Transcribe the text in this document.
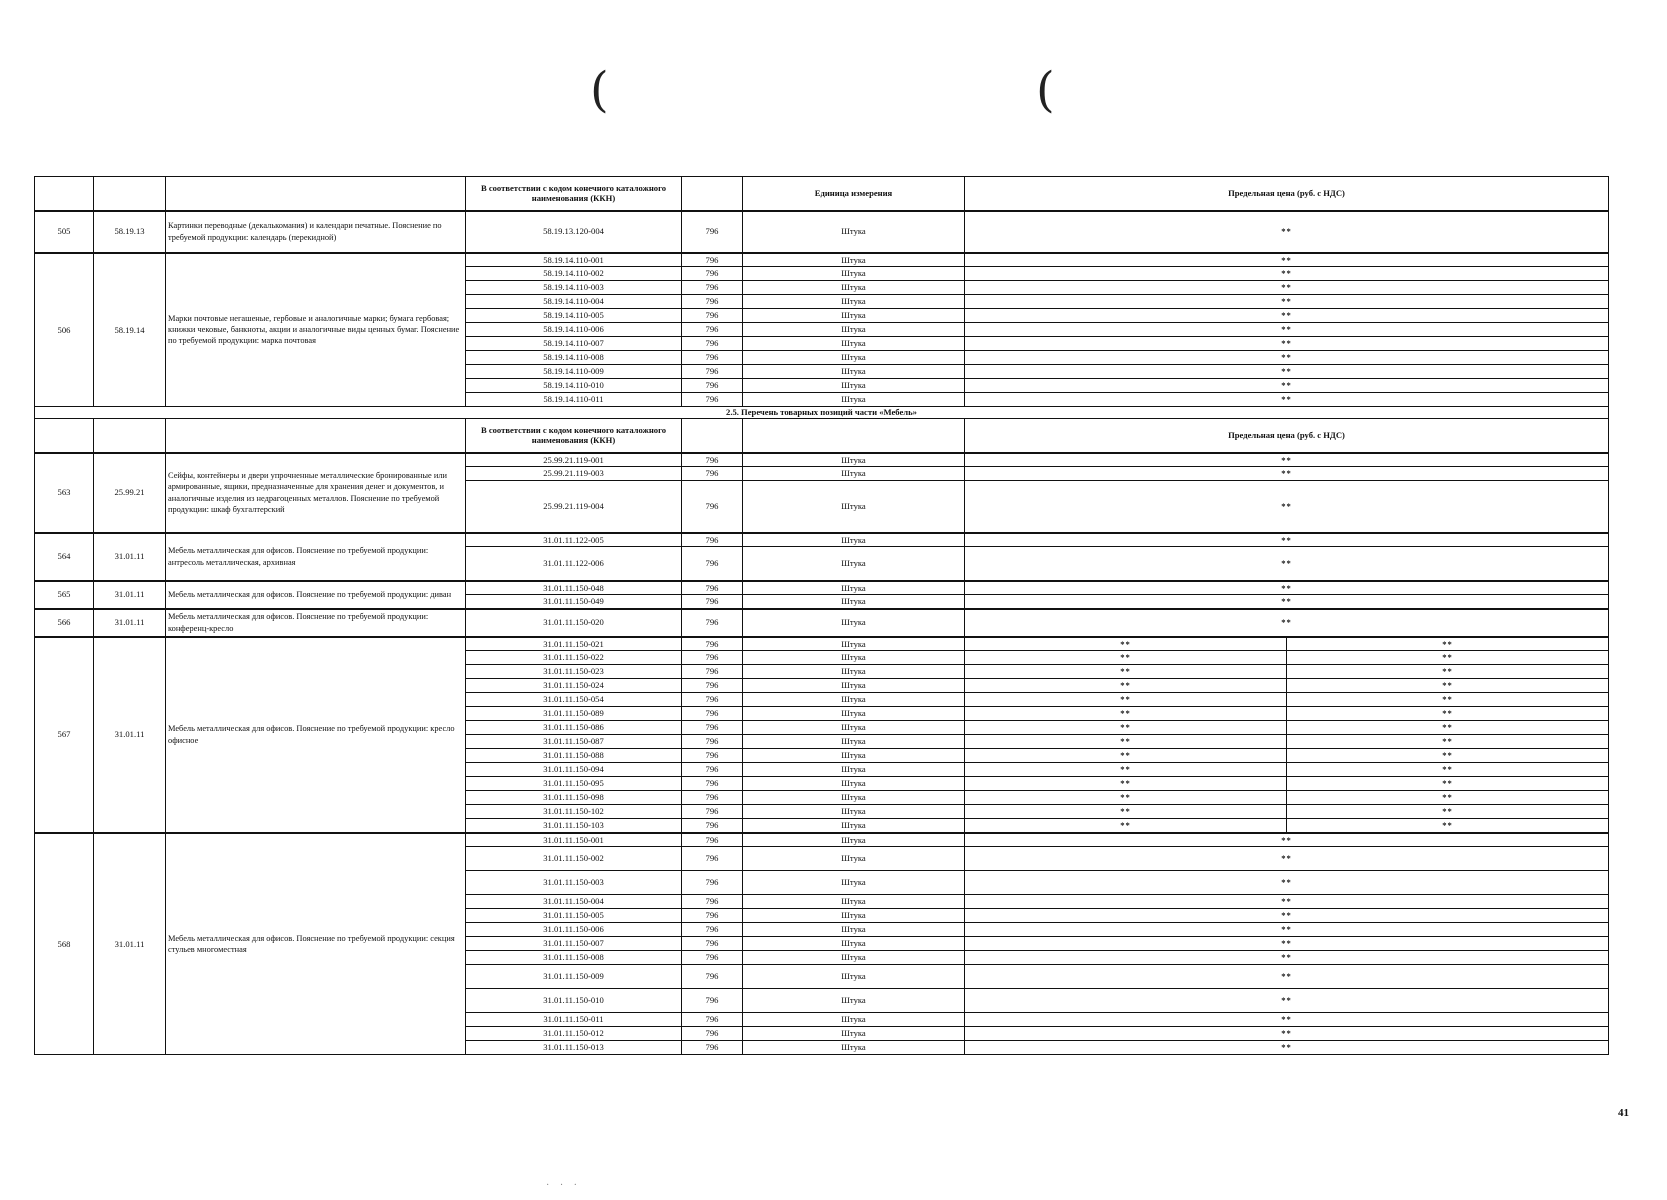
(	(
			В соответствии с кодом конечного каталожного наименования (ККН)		Единица измерения	Предельная цена (руб. с НДС)	
505	58.19.13	Картинки переводные (декалькомания) и календари печатные. Пояснение по требуемой продукции: календарь (перекидной)	58.19.13.120-004	796	Штука	**	
506	58.19.14	Марки почтовые негашеные, гербовые и аналогичные марки; бумага гербовая; книжки чековые, банкноты, акции и аналогичные виды ценных бумаг. Пояснение по требуемой продукции: марка почтовая	58.19.14.110-001	796	Штука	**	
			58.19.14.110-002	796	Штука	**	
			58.19.14.110-003	796	Штука	**	
			58.19.14.110-004	796	Штука	**	
			58.19.14.110-005	796	Штука	**	
			58.19.14.110-006	796	Штука	**	
			58.19.14.110-007	796	Штука	**	
			58.19.14.110-008	796	Штука	**	
			58.19.14.110-009	796	Штука	**	
			58.19.14.110-010	796	Штука	**	
			58.19.14.110-011	796	Штука	**	
2.5. Перечень товарных позиций части «Мебель»							
			В соответствии с кодом конечного каталожного наименования (ККН)			Предельная цена (руб. с НДС)	
563	25.99.21	Сейфы, контейнеры и двери упрочненные металлические бронированные или армированные, ящики, предназначенные для хранения денег и документов, и аналогичные изделия из недрагоценных металлов. Пояснение по требуемой продукции: шкаф бухгалтерский	25.99.21.119-001	796	Штука	**	
			25.99.21.119-003	796	Штука	**	
			25.99.21.119-004	796	Штука	**	
564	31.01.11	Мебель металлическая для офисов. Пояснение по требуемой продукции: антресоль металлическая, архивная	31.01.11.122-005	796	Штука	**	
			31.01.11.122-006	796	Штука	**	
565	31.01.11	Мебель металлическая для офисов. Пояснение по требуемой продукции: диван	31.01.11.150-048	796	Штука	**	
			31.01.11.150-049	796	Штука	**	
566	31.01.11	Мебель металлическая для офисов. Пояснение по требуемой продукции: конференц-кресло	31.01.11.150-020	796	Штука	**	
567	31.01.11	Мебель металлическая для офисов. Пояснение по требуемой продукции: кресло офисное	31.01.11.150-021	796	Штука	**	**
			31.01.11.150-022	796	Штука	**	**
			31.01.11.150-023	796	Штука	**	**
			31.01.11.150-024	796	Штука	**	**
			31.01.11.150-054	796	Штука	**	**
			31.01.11.150-089	796	Штука	**	**
			31.01.11.150-086	796	Штука	**	**
			31.01.11.150-087	796	Штука	**	**
			31.01.11.150-088	796	Штука	**	**
			31.01.11.150-094	796	Штука	**	**
			31.01.11.150-095	796	Штука	**	**
			31.01.11.150-098	796	Штука	**	**
			31.01.11.150-102	796	Штука	**	**
			31.01.11.150-103	796	Штука	**	**
568	31.01.11	Мебель металлическая для офисов. Пояснение по требуемой продукции: секция стульев многоместная	31.01.11.150-001	796	Штука	**	
			31.01.11.150-002	796	Штука	**	
			31.01.11.150-003	796	Штука	**	
			31.01.11.150-004	796	Штука	**	
			31.01.11.150-005	796	Штука	**	
			31.01.11.150-006	796	Штука	**	
			31.01.11.150-007	796	Штука	**	
			31.01.11.150-008	796	Штука	**	
			31.01.11.150-009	796	Штука	**	
			31.01.11.150-010	796	Штука	**	
			31.01.11.150-011	796	Штука	**	
			31.01.11.150-012	796	Штука	**	
			31.01.11.150-013	796	Штука	**	
41
· · ·
